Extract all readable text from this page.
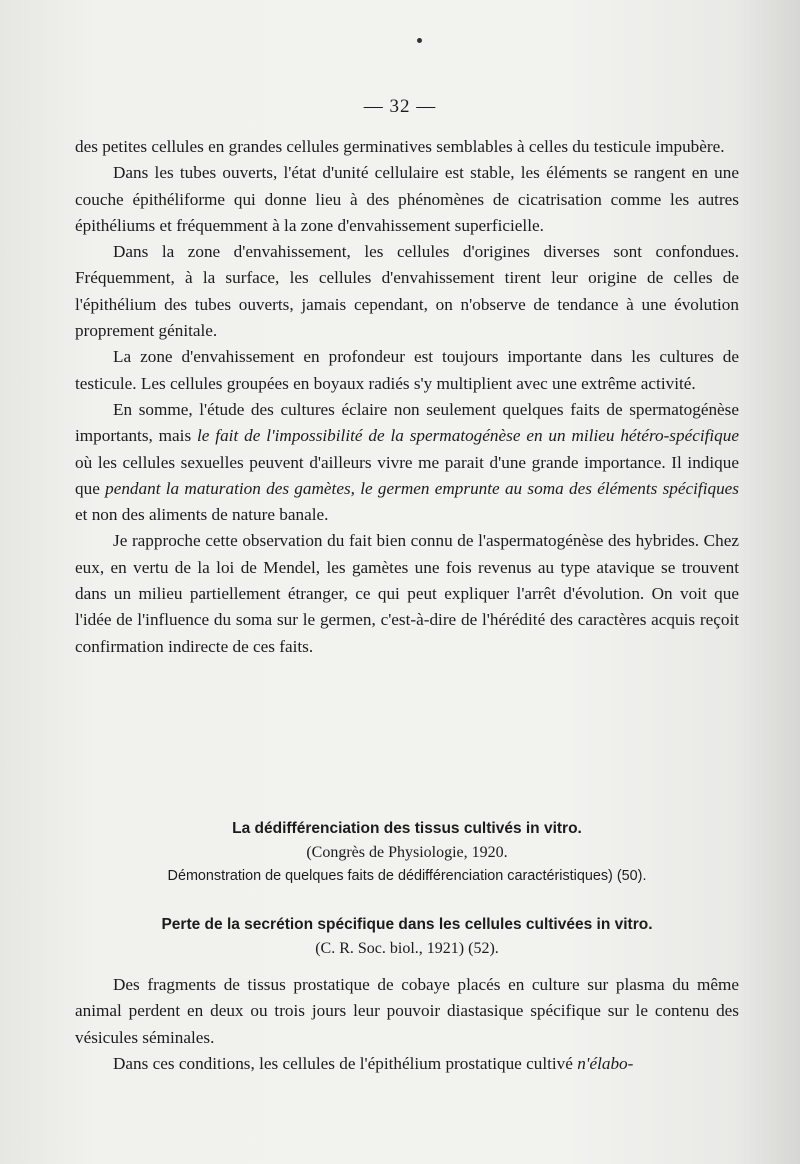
— 32 —

des petites cellules en grandes cellules germinatives semblables à celles du testicule impubère.

Dans les tubes ouverts, l'état d'unité cellulaire est stable, les éléments se rangent en une couche épithéliforme qui donne lieu à des phénomènes de cicatrisation comme les autres épithéliums et fréquemment à la zone d'envahissement superficielle.

Dans la zone d'envahissement, les cellules d'origines diverses sont confondues. Fréquemment, à la surface, les cellules d'envahissement tirent leur origine de celles de l'épithélium des tubes ouverts, jamais cependant, on n'observe de tendance à une évolution proprement génitale.

La zone d'envahissement en profondeur est toujours importante dans les cultures de testicule. Les cellules groupées en boyaux radiés s'y multiplient avec une extrême activité.

En somme, l'étude des cultures éclaire non seulement quelques faits de spermatogénèse importants, mais le fait de l'impossibilité de la spermatogénèse en un milieu hétéro-spécifique où les cellules sexuelles peuvent d'ailleurs vivre me parait d'une grande importance. Il indique que pendant la maturation des gamètes, le germen emprunte au soma des éléments spécifiques et non des aliments de nature banale.

Je rapproche cette observation du fait bien connu de l'aspermatogénèse des hybrides. Chez eux, en vertu de la loi de Mendel, les gamètes une fois revenus au type atavique se trouvent dans un milieu partiellement étranger, ce qui peut expliquer l'arrêt d'évolution. On voit que l'idée de l'influence du soma sur le germen, c'est-à-dire de l'hérédité des caractères acquis reçoit confirmation indirecte de ces faits.

La dédifférenciation des tissus cultivés in vitro.
(Congrès de Physiologie, 1920.
Démonstration de quelques faits de dédifférenciation caractéristiques) (50).
Perte de la secrétion spécifique dans les cellules cultivées in vitro.
(C. R. Soc. biol., 1921) (52).

Des fragments de tissus prostatique de cobaye placés en culture sur plasma du même animal perdent en deux ou trois jours leur pouvoir diastasique spécifique sur le contenu des vésicules séminales.

Dans ces conditions, les cellules de l'épithélium prostatique cultivé n'élabo-
